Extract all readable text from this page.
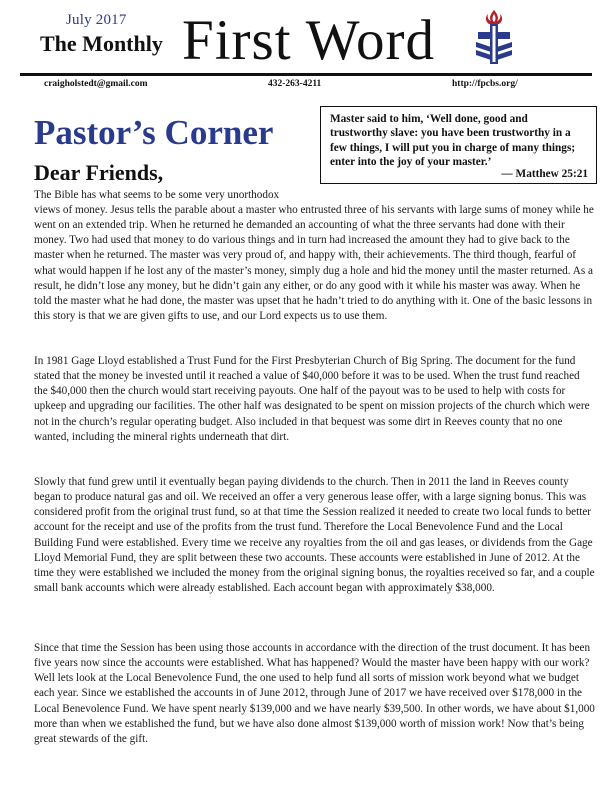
July 2017
The Monthly First Word
craigholstedt@gmail.com	432-263-4211	http://fpcbs.org/
Pastor’s Corner
Dear Friends,

Master said to him, ‘Well done, good and trustworthy slave: you have been trustworthy in a few things, I will put you in charge of many things; enter into the joy of your master.’

— Matthew 25:21

The Bible has what seems to be some very unorthodox

views of money. Jesus tells the parable about a master who entrusted three of his servants with large sums of money while he went on an extended trip. When he returned he demanded an accounting of what the three servants had done with their money. Two had used that money to do various things and in turn had increased the amount they had to give back to the master when he returned. The master was very proud of, and happy with, their achievements. The third though, fearful of what would happen if he lost any of the master’s money, simply dug a hole and hid the money until the master returned. As a result, he didn’t lose any money, but he didn’t gain any either, or do any good with it while his master was away. When he told the master what he had done, the master was upset that he hadn’t tried to do anything with it. One of the basic lessons in this story is that we are given gifts to use, and our Lord expects us to use them.

In 1981 Gage Lloyd established a Trust Fund for the First Presbyterian Church of Big Spring. The document for the fund stated that the money be invested until it reached a value of $40,000 before it was to be used. When the trust fund reached the $40,000 then the church would start receiving payouts. One half of the payout was to be used to help with costs for upkeep and upgrading our facilities. The other half was designated to be spent on mission projects of the church which were not in the church’s regular operating budget. Also included in that bequest was some dirt in Reeves county that no one wanted, including the mineral rights underneath that dirt.

Slowly that fund grew until it eventually began paying dividends to the church. Then in 2011 the land in Reeves county began to produce natural gas and oil. We received an offer a very generous lease offer, with a large signing bonus. This was considered profit from the original trust fund, so at that time the Session realized it needed to create two local funds to better account for the receipt and use of the profits from the trust fund. Therefore the Local Benevolence Fund and the Local Building Fund were established. Every time we receive any royalties from the oil and gas leases, or dividends from the Gage Lloyd Memorial Fund, they are split between these two accounts. These accounts were established in June of 2012. At the time they were established we included the money from the original signing bonus, the royalties received so far, and a couple small bank accounts which were already established. Each account began with approximately $38,000.

Since that time the Session has been using those accounts in accordance with the direction of the trust document. It has been five years now since the accounts were established. What has happened? Would the master have been happy with our work? Well lets look at the Local Benevolence Fund, the one used to help fund all sorts of mission work beyond what we budget each year. Since we established the accounts in of June 2012, through June of 2017 we have received over $178,000 in the Local Benevolence Fund. We have spent nearly $139,000 and we have nearly $39,500. In other words, we have about $1,000 more than when we established the fund, but we have also done almost $139,000 worth of mission work! Now that’s being great stewards of the gift.
